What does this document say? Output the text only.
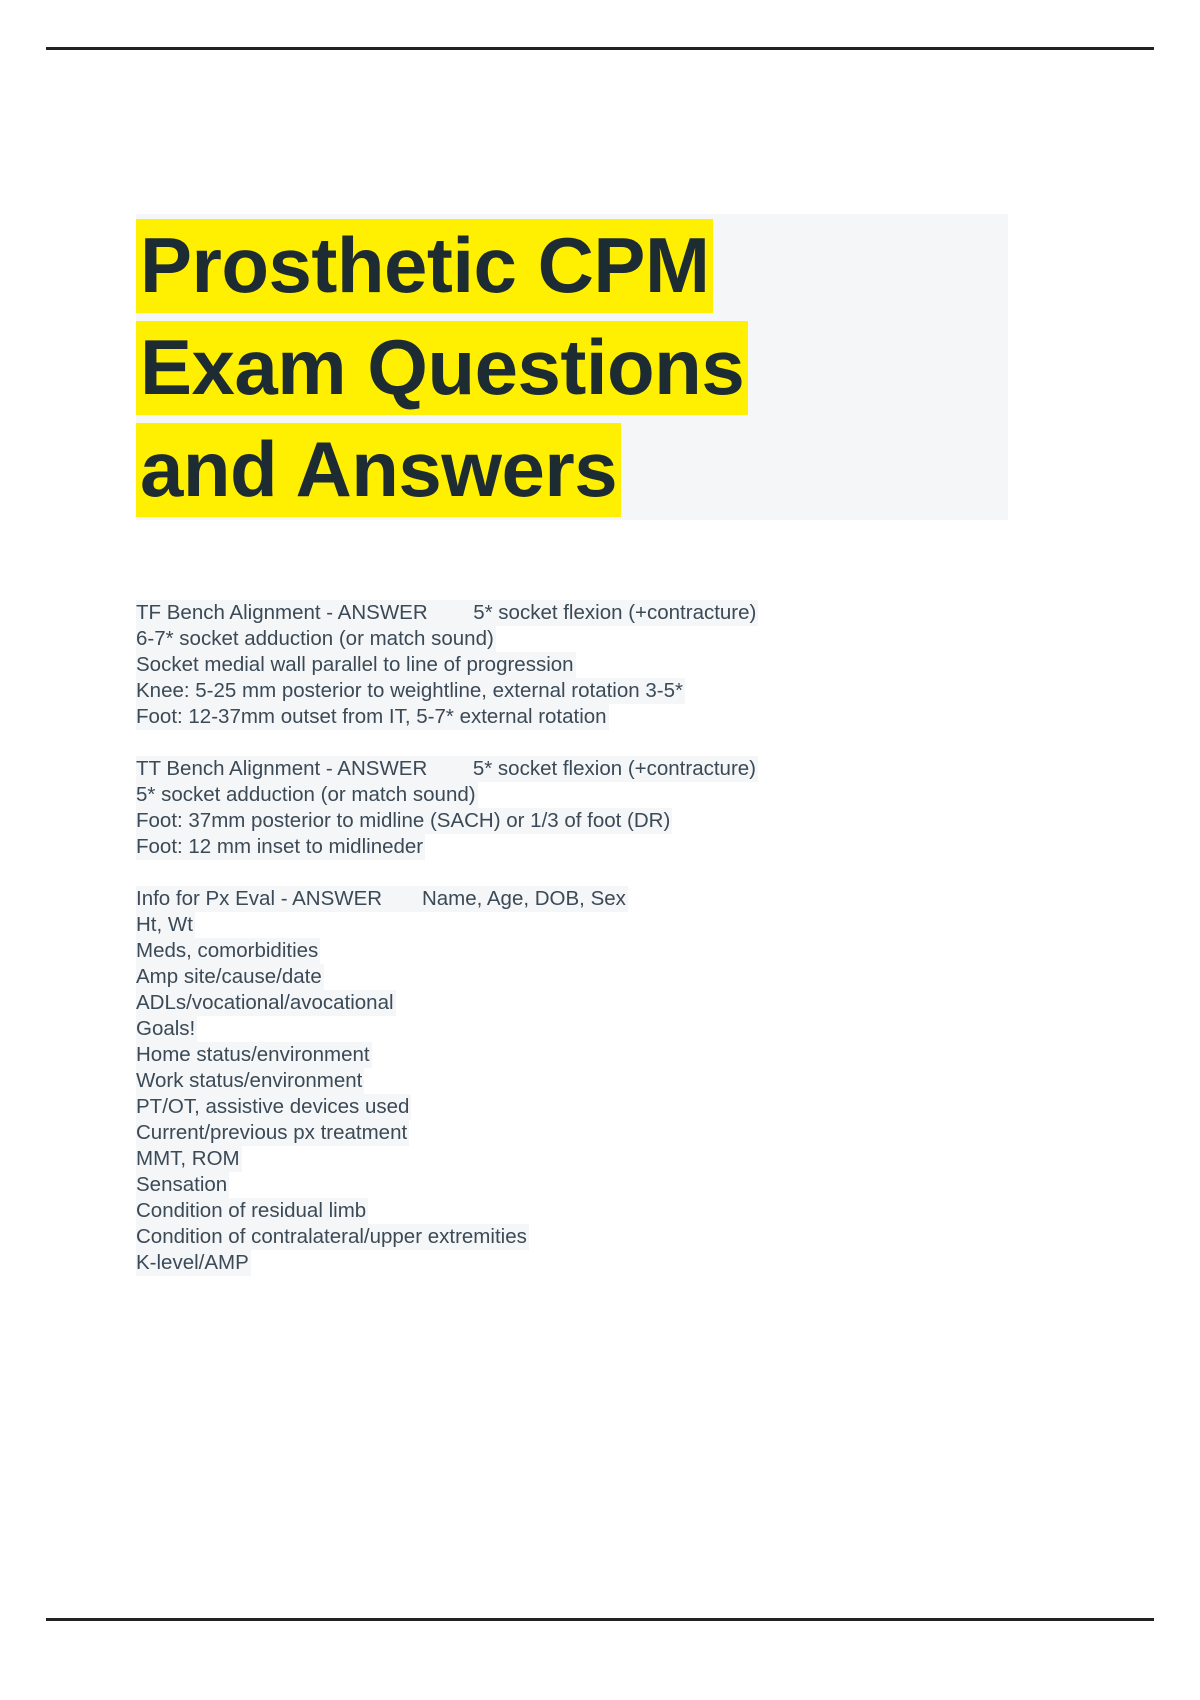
Prosthetic CPM
Exam Questions
and Answers
TF Bench Alignment - ANSWER        5* socket flexion (+contracture)
6-7* socket adduction (or match sound)
Socket medial wall parallel to line of progression
Knee: 5-25 mm posterior to weightline, external rotation 3-5*
Foot: 12-37mm outset from IT, 5-7* external rotation
TT Bench Alignment - ANSWER        5* socket flexion (+contracture)
5* socket adduction (or match sound)
Foot: 37mm posterior to midline (SACH) or 1/3 of foot (DR)
Foot: 12 mm inset to midlineder
Info for Px Eval - ANSWER       Name, Age, DOB, Sex
Ht, Wt
Meds, comorbidities
Amp site/cause/date
ADLs/vocational/avocational
Goals!
Home status/environment
Work status/environment
PT/OT, assistive devices used
Current/previous px treatment
MMT, ROM
Sensation
Condition of residual limb
Condition of contralateral/upper extremities
K-level/AMP
